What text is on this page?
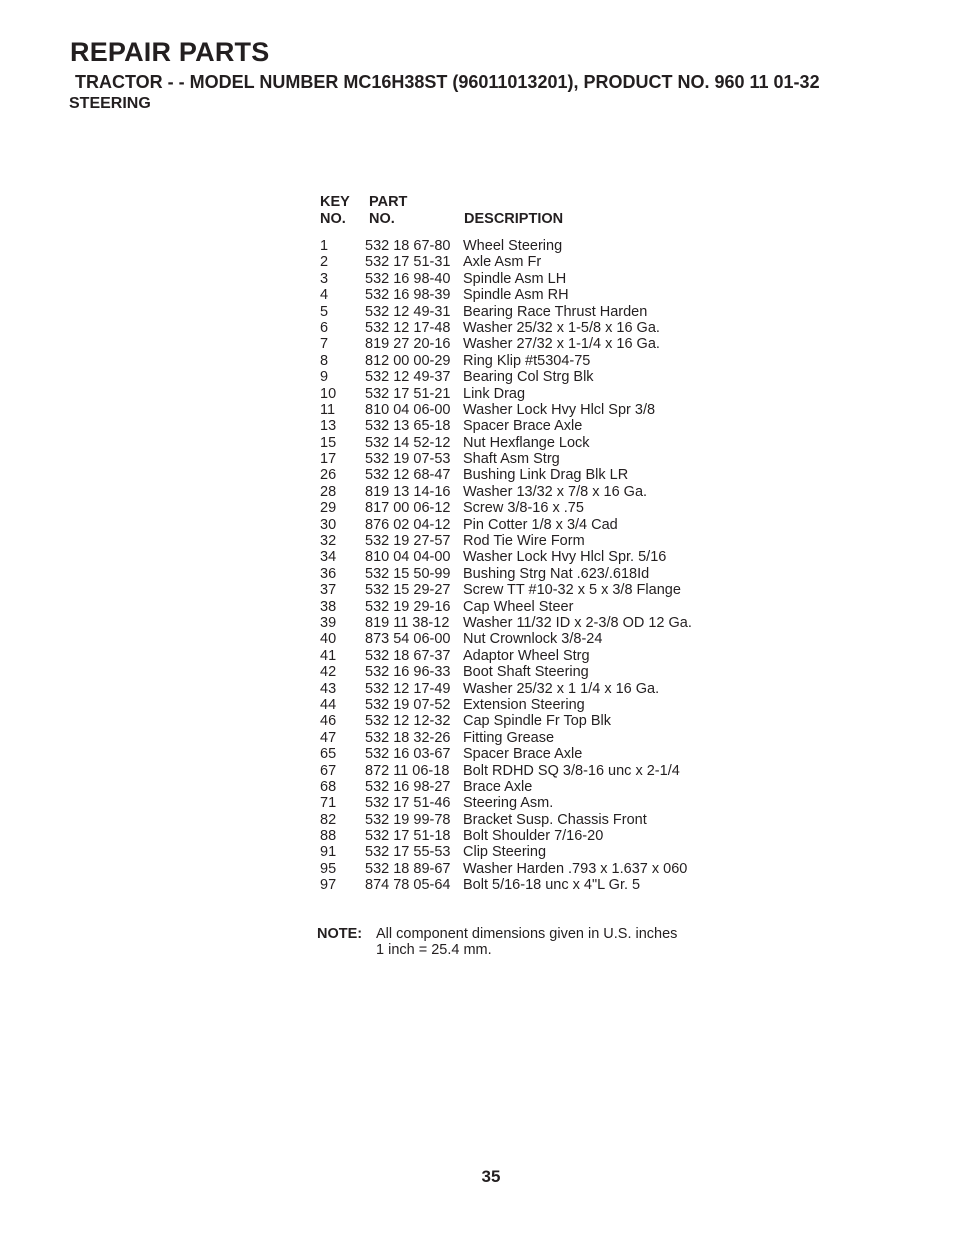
REPAIR PARTS
TRACTOR - - MODEL NUMBER MC16H38ST (96011013201), PRODUCT NO. 960 11 01-32
STEERING
KEY
NO.
PART
NO.	DESCRIPTION
1	532 18 67-80 Wheel Steering
2	532 17 51-31 Axle Asm Fr
3	532 16 98-40 Spindle Asm LH
4	532 16 98-39 Spindle Asm RH
5	532 12 49-31 Bearing Race Thrust Harden
6	532 12 17-48 Washer 25/32 x 1-5/8 x 16 Ga.
7	819 27 20-16 Washer 27/32 x 1-1/4 x 16 Ga.
8	812 00 00-29 Ring Klip #t5304-75
9	532 12 49-37 Bearing Col Strg Blk
10 532 17 51-21 Link Drag
11 810 04 06-00 Washer Lock Hvy Hlcl Spr 3/8
13 532 13 65-18 Spacer Brace Axle
15 532 14 52-12 Nut Hexflange Lock
17 532 19 07-53 Shaft Asm Strg
26 532 12 68-47 Bushing Link Drag Blk LR
28 819 13 14-16 Washer 13/32 x 7/8 x 16 Ga.
29 817 00 06-12 Screw 3/8-16 x .75
30 876 02 04-12 Pin Cotter 1/8 x 3/4 Cad
32 532 19 27-57 Rod Tie Wire Form
34 810 04 04-00 Washer Lock Hvy Hlcl Spr. 5/16
36 532 15 50-99 Bushing Strg Nat .623/.618Id
37 532 15 29-27 Screw TT #10-32 x 5 x 3/8 Flange
38 532 19 29-16 Cap Wheel Steer
39 819 11 38-12 Washer 11/32 ID x 2-3/8 OD 12 Ga.
40 873 54 06-00 Nut Crownlock 3/8-24
41 532 18 67-37 Adaptor Wheel Strg
42 532 16 96-33 Boot Shaft Steering
43 532 12 17-49 Washer 25/32 x 1 1/4 x 16 Ga.
44 532 19 07-52 Extension Steering
46 532 12 12-32 Cap Spindle Fr Top Blk
47 532 18 32-26 Fitting Grease
65 532 16 03-67 Spacer Brace Axle
67 872 11 06-18 Bolt RDHD SQ 3/8-16 unc x 2-1/4
68 532 16 98-27 Brace Axle
71 532 17 51-46 Steering Asm.
82 532 19 99-78 Bracket Susp. Chassis Front
88 532 17 51-18 Bolt Shoulder 7/16-20
91 532 17 55-53 Clip Steering
95 532 18 89-67 Washer Harden .793 x 1.637 x 060
97 874 78 05-64 Bolt 5/16-18 unc x 4"L Gr. 5
NOTE: All component dimensions given in U.S. inches
1 inch = 25.4 mm.
35
